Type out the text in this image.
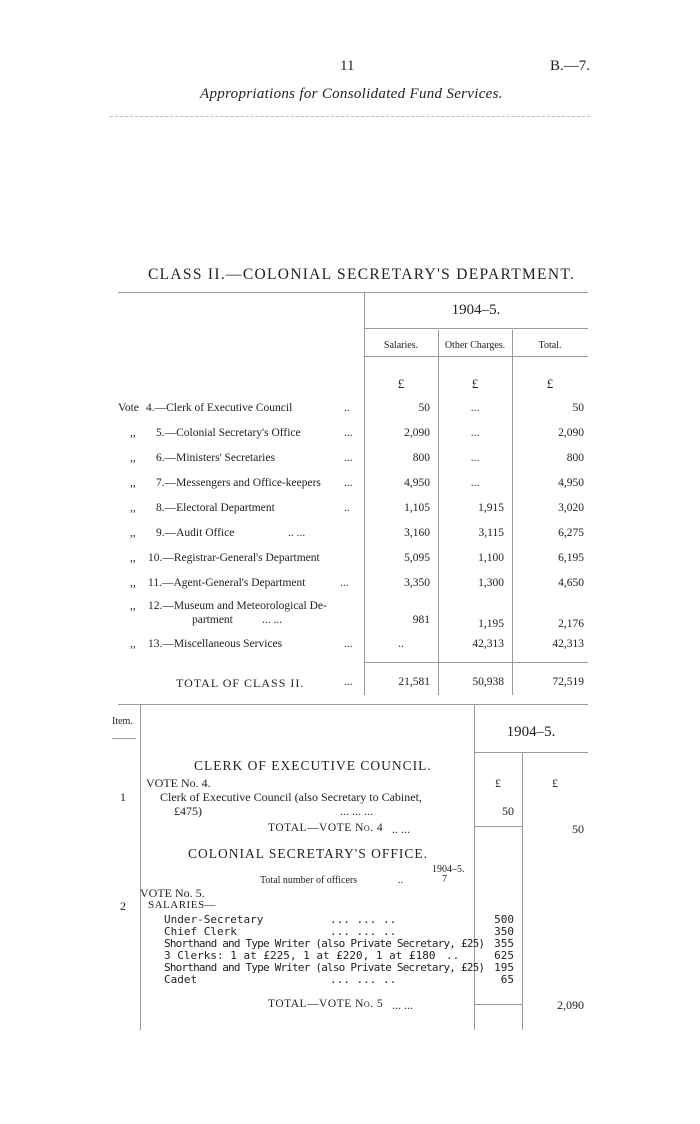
11	B.—7.
Appropriations for Consolidated Fund Services.
CLASS II.—COLONIAL SECRETARY'S DEPARTMENT.
1904–5.
Salaries.	Other Charges.	Total.
£	£	£
Vote 4.—Clerk of Executive Council	..	50	...	50
,, 5.—Colonial Secretary's Office	...	2,090	...	2,090
,, 6.—Ministers' Secretaries	...	800	...	800
,, 7.—Messengers and Office-keepers ...	4,950	...	4,950
,, 8.—Electoral Department	..	1,105	1,915	3,020
,, 9.—Audit Office	.. ...	3,160	3,115	6,275
,, 10.—Registrar-General's Department	5,095	1,100	6,195
,, 11.—Agent-General's Department	...	3,350	1,300	4,650
,, 12.—Museum and Meteorological De-
partment	... ...	981	1,195	2,176
,, 13.—Miscellaneous Services	...	..	42,313	42,313
TOTAL OF CLASS II.	...	21,581	50,938	72,519
Item.
1904–5.
CLERK OF EXECUTIVE COUNCIL.
VOTE No. 4.	£	£
1	Clerk of Executive Council (also Secretary to Cabinet,
£475)	... ... ...	50
TOTAL—VOTE No. 4 .. ...	50
COLONIAL SECRETARY'S OFFICE.
1904–5.
Total number of officers	..	7
VOTE No. 5.
2 SALARIES—
Under-Secretary	... ... ..	500
Chief Clerk	... ... ..	350
Shorthand and Type Writer (also Private Secretary, £25) 355
3 Clerks: 1 at £225, 1 at £220, 1 at £180 ..	625
Shorthand and Type Writer (also Private Secretary, £25) 195
Cadet	... ... ..	65
TOTAL—VOTE No. 5 ... ...	2,090
